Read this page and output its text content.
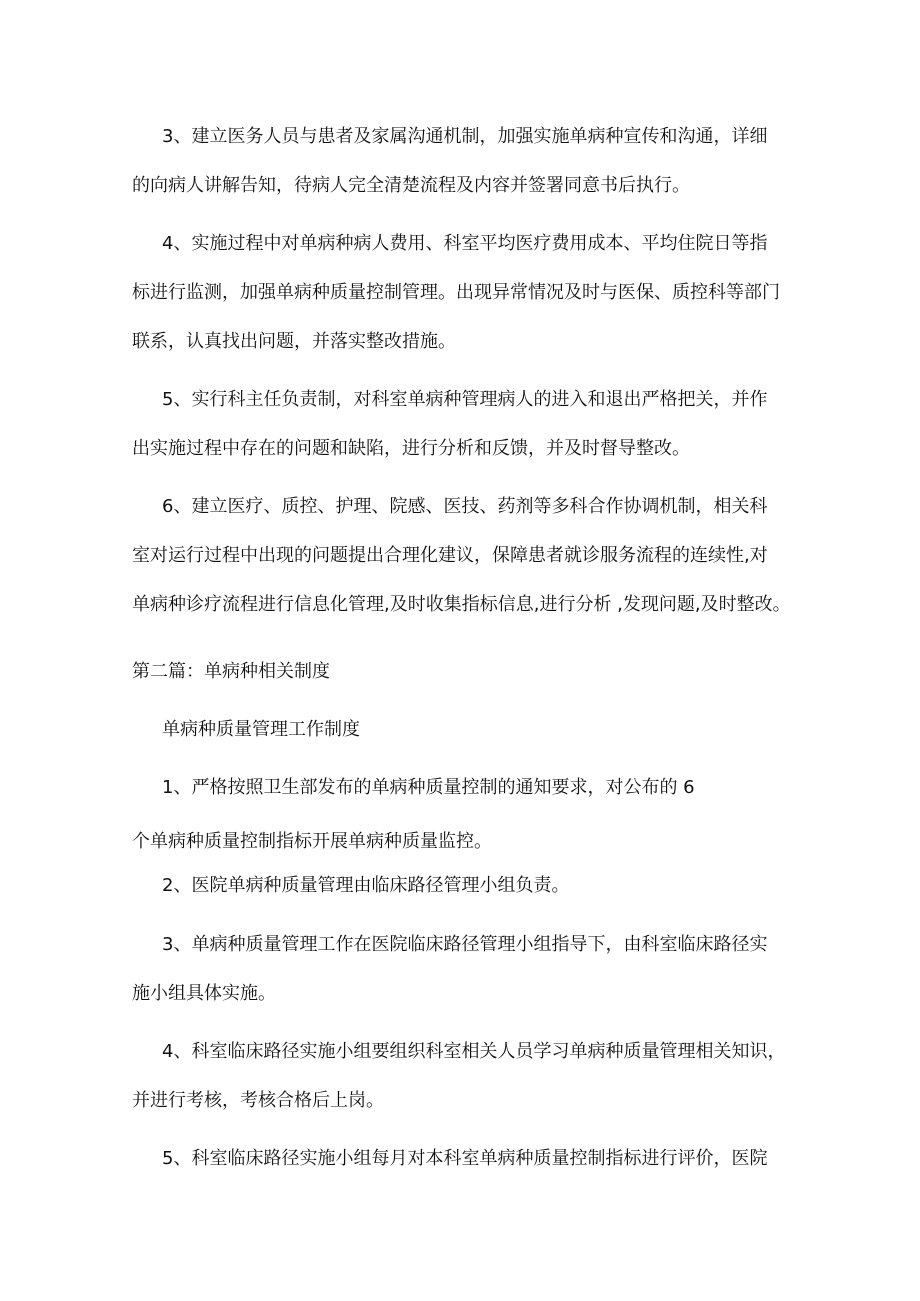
3、建立医务人员与患者及家属沟通机制，加强实施单病种宣传和沟通，详细
的向病人讲解告知，待病人完全清楚流程及内容并签署同意书后执行。
4、实施过程中对单病种病人费用、科室平均医疗费用成本、平均住院日等指
标进行监测，加强单病种质量控制管理。出现异常情况及时与医保、质控科等部门
联系，认真找出问题，并落实整改措施。
5、实行科主任负责制，对科室单病种管理病人的进入和退出严格把关，并作
出实施过程中存在的问题和缺陷，进行分析和反馈，并及时督导整改。
6、建立医疗、质控、护理、院感、医技、药剂等多科合作协调机制，相关科
室对运行过程中出现的问题提出合理化建议，保障患者就诊服务流程的连续性,对
单病种诊疗流程进行信息化管理,及时收集指标信息,进行分析 ,发现问题,及时整改。
第二篇：单病种相关制度
单病种质量管理工作制度
1、严格按照卫生部发布的单病种质量控制的通知要求，对公布的 6
个单病种质量控制指标开展单病种质量监控。
2、医院单病种质量管理由临床路径管理小组负责。
3、单病种质量管理工作在医院临床路径管理小组指导下，由科室临床路径实
施小组具体实施。
4、科室临床路径实施小组要组织科室相关人员学习单病种质量管理相关知识，
并进行考核，考核合格后上岗。
5、科室临床路径实施小组每月对本科室单病种质量控制指标进行评价，医院
